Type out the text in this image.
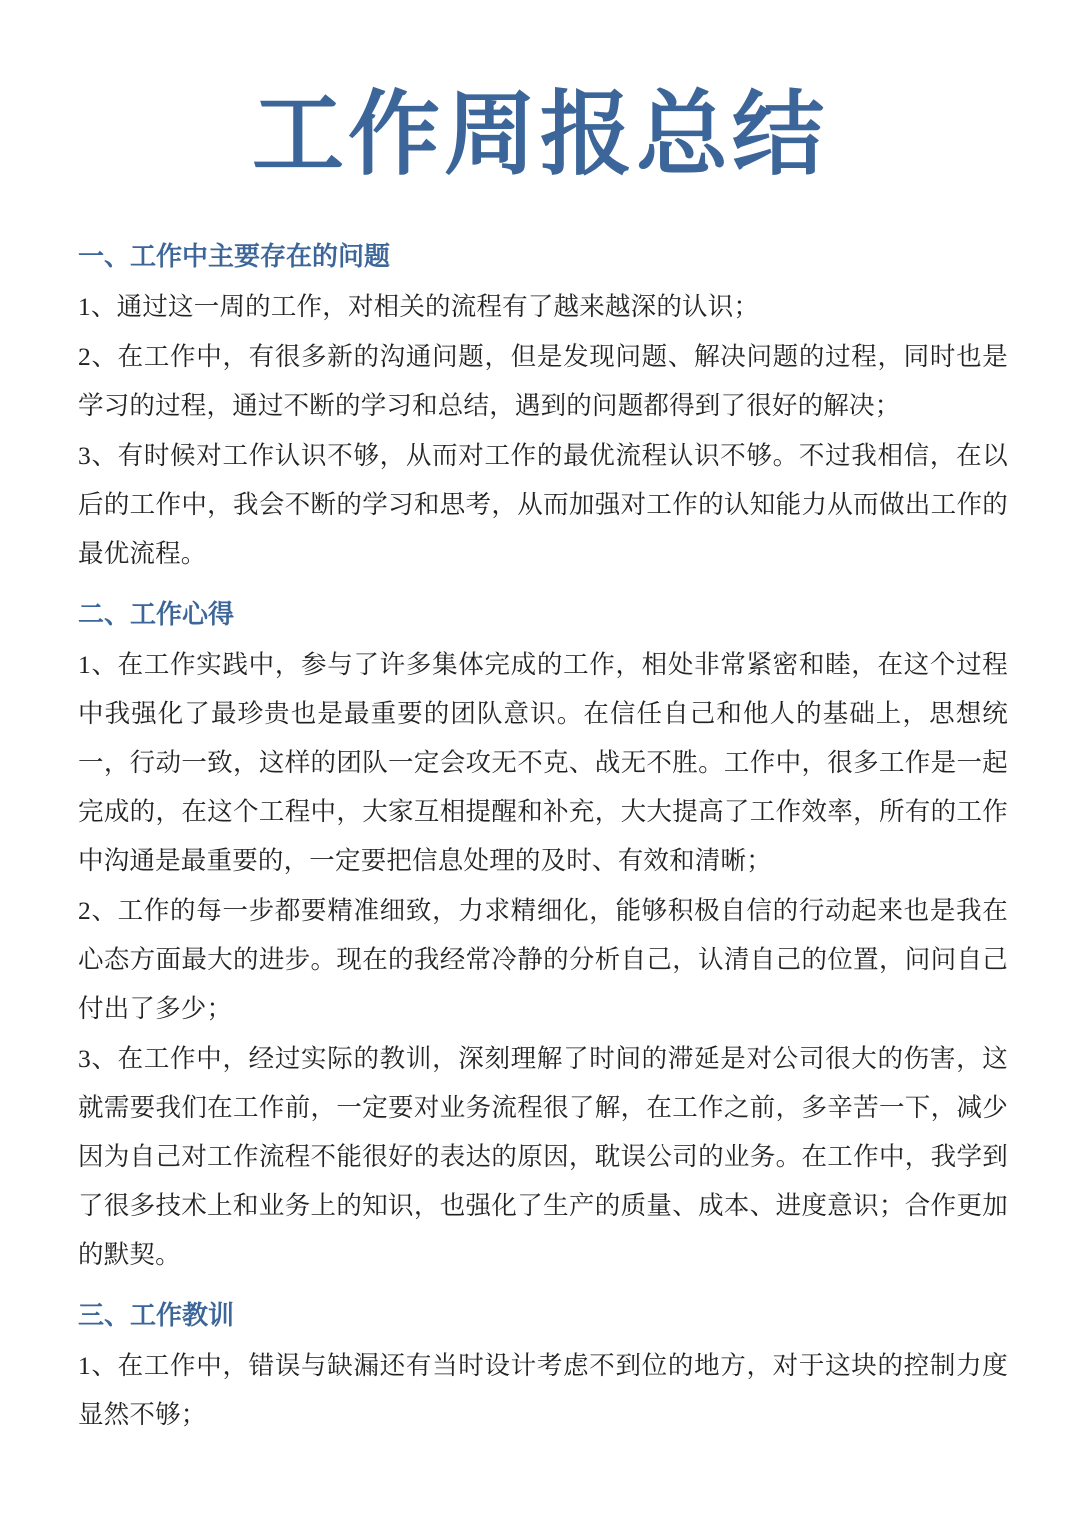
工作周报总结
一、工作中主要存在的问题

1、通过这一周的工作，对相关的流程有了越来越深的认识；

2、在工作中，有很多新的沟通问题，但是发现问题、解决问题的过程，同时也是学习的过程，通过不断的学习和总结，遇到的问题都得到了很好的解决；

3、有时候对工作认识不够，从而对工作的最优流程认识不够。不过我相信，在以后的工作中，我会不断的学习和思考，从而加强对工作的认知能力从而做出工作的最优流程。

二、工作心得

1、在工作实践中，参与了许多集体完成的工作，相处非常紧密和睦，在这个过程中我强化了最珍贵也是最重要的团队意识。在信任自己和他人的基础上，思想统一，行动一致，这样的团队一定会攻无不克、战无不胜。工作中，很多工作是一起完成的，在这个工程中，大家互相提醒和补充，大大提高了工作效率，所有的工作中沟通是最重要的，一定要把信息处理的及时、有效和清晰；

2、工作的每一步都要精准细致，力求精细化，能够积极自信的行动起来也是我在心态方面最大的进步。现在的我经常冷静的分析自己，认清自己的位置，问问自己付出了多少；

3、在工作中，经过实际的教训，深刻理解了时间的滞延是对公司很大的伤害，这就需要我们在工作前，一定要对业务流程很了解，在工作之前，多辛苦一下，减少因为自己对工作流程不能很好的表达的原因，耽误公司的业务。在工作中，我学到了很多技术上和业务上的知识，也强化了生产的质量、成本、进度意识；合作更加的默契。

三、工作教训

1、在工作中，错误与缺漏还有当时设计考虑不到位的地方，对于这块的控制力度显然不够；
